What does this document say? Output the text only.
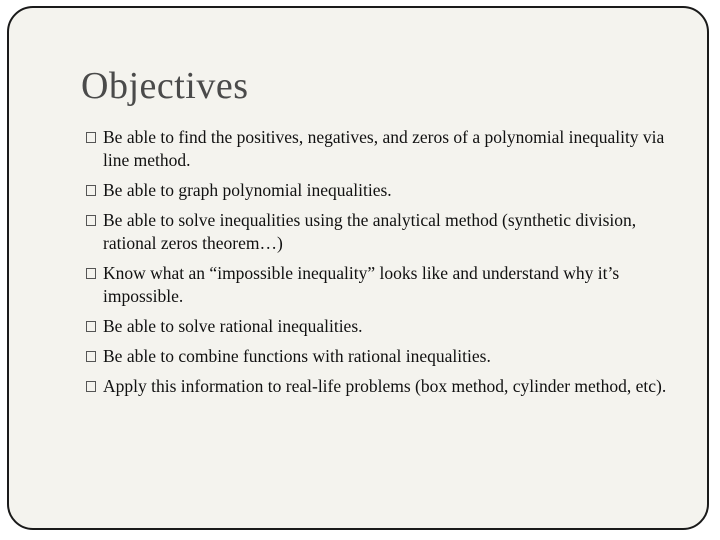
Objectives
Be able to find the positives, negatives, and zeros of a polynomial inequality via line method.
Be able to graph polynomial inequalities.
Be able to solve inequalities using the analytical method (synthetic division, rational zeros theorem…)
Know what an “impossible inequality” looks like and understand why it’s impossible.
Be able to solve rational inequalities.
Be able to combine functions with rational inequalities.
Apply this information to real-life problems (box method, cylinder method, etc).
